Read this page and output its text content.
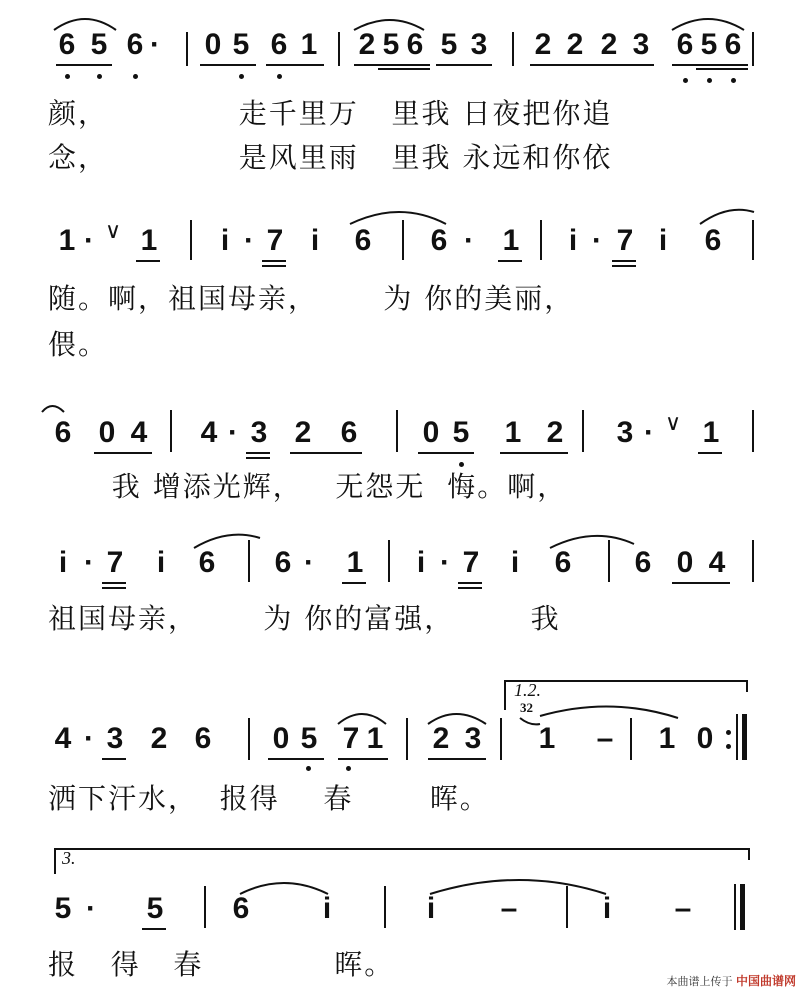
6 5 6 · 0 5 6 1 2 5 6 5 3 2 2 2 3 6 5 6
颜，            走千里万   里我 日夜把你追
念，            是风里雨   里我 永远和你依
1 · ∨ 1 i · 7 i 6 6 · 1 i · 7 i 6
随。啊，祖国母亲，      为 你的美丽，
偎。
6 0 4 4 · 3 2 6 0 5 1 2 3 · ∨ 1
我 增添光辉，   无怨无  悔。啊，
i · 7 i 6 6 · 1 i · 7 i 6 6 0 4
祖国母亲，      为 你的富强，       我
1.2.
32
4 · 3 2 6 0 5 7 1 2 3 1 – 1 0
洒下汗水，  报得    春       晖。
3.
5 · 5 6 i	i –	i –
报   得   春            晖。
本曲谱上传于 中国曲谱网
